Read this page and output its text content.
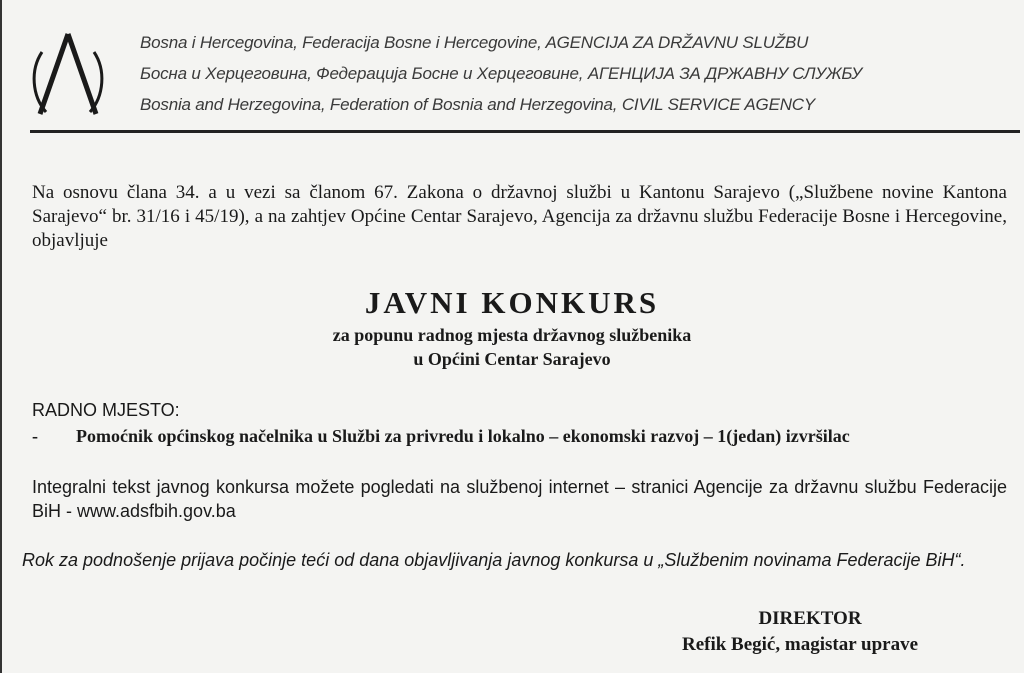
Bosna i Hercegovina, Federacija Bosne i Hercegovine, AGENCIJA ZA DRŽAVNU SLUŽBU
Босна и Херцеговина, Федерација Босне и Херцеговине, АГЕНЦИЈА ЗА ДРЖАВНУ СЛУЖБУ
Bosnia and Herzegovina, Federation of Bosnia and Herzegovina, CIVIL SERVICE AGENCY
Na osnovu člana 34. a u vezi sa članom 67. Zakona o državnoj službi u Kantonu Sarajevo („Službene novine Kantona Sarajevo“ br. 31/16 i 45/19), a na zahtjev Općine Centar Sarajevo, Agencija za državnu službu Federacije Bosne i Hercegovine, objavljuje
JAVNI KONKURS
za popunu radnog mjesta državnog službenika
u Općini Centar Sarajevo
RADNO MJESTO:
- Pomoćnik općinskog načelnika u Službi za privredu i lokalno – ekonomski razvoj – 1(jedan) izvršilac
Integralni tekst javnog konkursa možete pogledati na službenoj internet – stranici Agencije za državnu službu Federacije BiH - www.adsfbih.gov.ba
Rok za podnošenje prijava počinje teći od dana objavljivanja javnog konkursa u „Službenim novinama Federacije BiH“.
DIREKTOR
Refik Begić, magistar uprave
